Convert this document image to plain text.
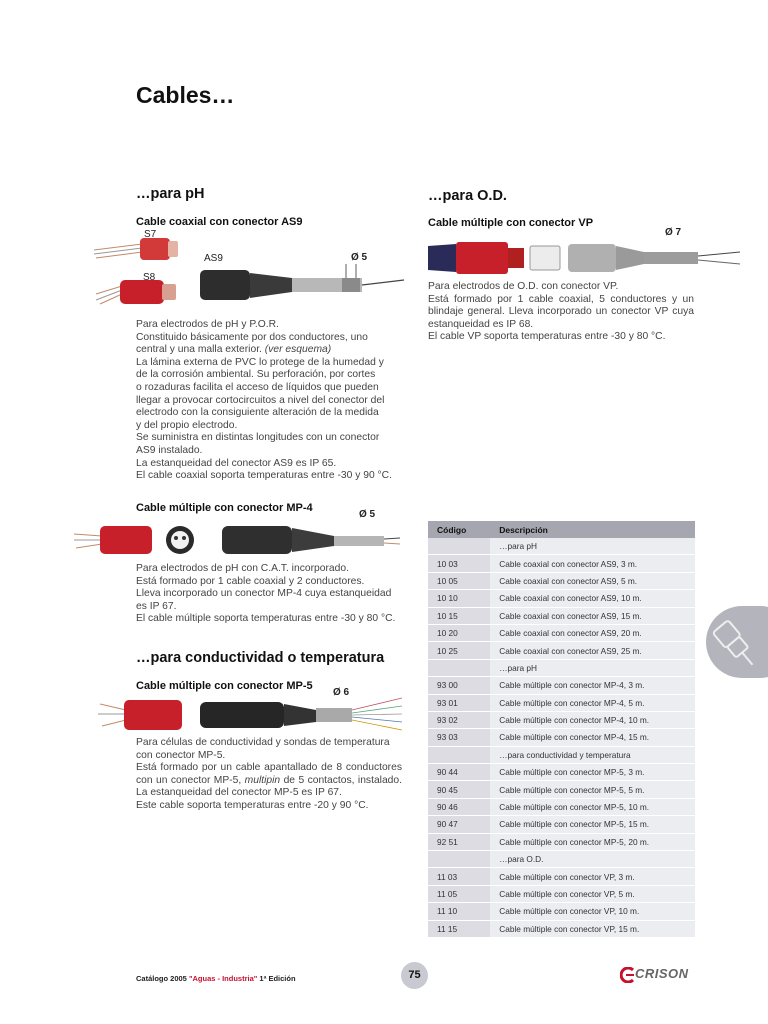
Cables…
…para pH
Cable coaxial con conector AS9
S7
S8
AS9	Ø 5

Para electrodos de pH y P.O.R.

Constituido básicamente por dos conductores, uno

central y una malla exterior. (ver esquema)

La lámina externa de PVC lo protege de la humedad y

de la corrosión ambiental. Su perforación, por cortes

o rozaduras facilita el acceso de líquidos que pueden

llegar a provocar cortocircuitos a nivel del conector del

electrodo con la consiguiente alteración de la medida

y del propio electrodo.

Se suministra en distintas longitudes con un conector

AS9 instalado.

La estanqueidad del conector AS9 es IP 65.

El cable coaxial soporta temperaturas entre -30 y 90 °C.

Cable múltiple con conector MP-4
Ø 5

Para electrodos de pH con C.A.T. incorporado.

Está formado por 1 cable coaxial y 2 conductores.

Lleva incorporado un conector MP-4 cuya estanqueidad es IP 67.

El cable múltiple soporta temperaturas entre -30 y 80 °C.

…para conductividad o temperatura
Cable múltiple con conector MP-5
Ø 6

Para células de conductividad y sondas de temperatura con conector MP-5.

Está formado por un cable apantallado de 8 conductores con un conector MP-5, multipin de 5 contactos, instalado. La estanqueidad del conector MP-5 es IP 67.

Este cable soporta temperaturas entre -20 y 90 °C.

…para O.D.
Cable múltiple con conector VP
Ø 7

Para electrodos de O.D. con conector VP.

Está formado por 1 cable coaxial, 5 conductores y un blindaje general. Lleva incorporado un conector VP cuya estanqueidad es IP 68.

El cable VP soporta temperaturas entre -30 y 80 °C.

Código	Descripción
	…para pH
10 03	Cable coaxial con conector AS9, 3 m.
10 05	Cable coaxial con conector AS9, 5 m.
10 10	Cable coaxial con conector AS9, 10 m.
10 15	Cable coaxial con conector AS9, 15 m.
10 20	Cable coaxial con conector AS9, 20 m.
10 25	Cable coaxial con conector AS9, 25 m.
	…para pH
93 00	Cable múltiple con conector MP-4, 3 m.
93 01	Cable múltiple con conector MP-4, 5 m.
93 02	Cable múltiple con conector MP-4, 10 m.
93 03	Cable múltiple con conector MP-4, 15 m.
	…para conductividad y temperatura
90 44	Cable múltiple con conector MP-5, 3 m.
90 45	Cable múltiple con conector MP-5, 5 m.
90 46	Cable múltiple con conector MP-5, 10 m.
90 47	Cable múltiple con conector MP-5, 15 m.
92 51	Cable múltiple con conector MP-5, 20 m.
	…para O.D.
11 03	Cable múltiple con conector VP, 3 m.
11 05	Cable múltiple con conector VP, 5 m.
11 10	Cable múltiple con conector VP, 10 m.
11 15	Cable múltiple con conector VP, 15 m.
Catálogo 2005 "Aguas - Industria" 1ª Edición	75	CRISON
